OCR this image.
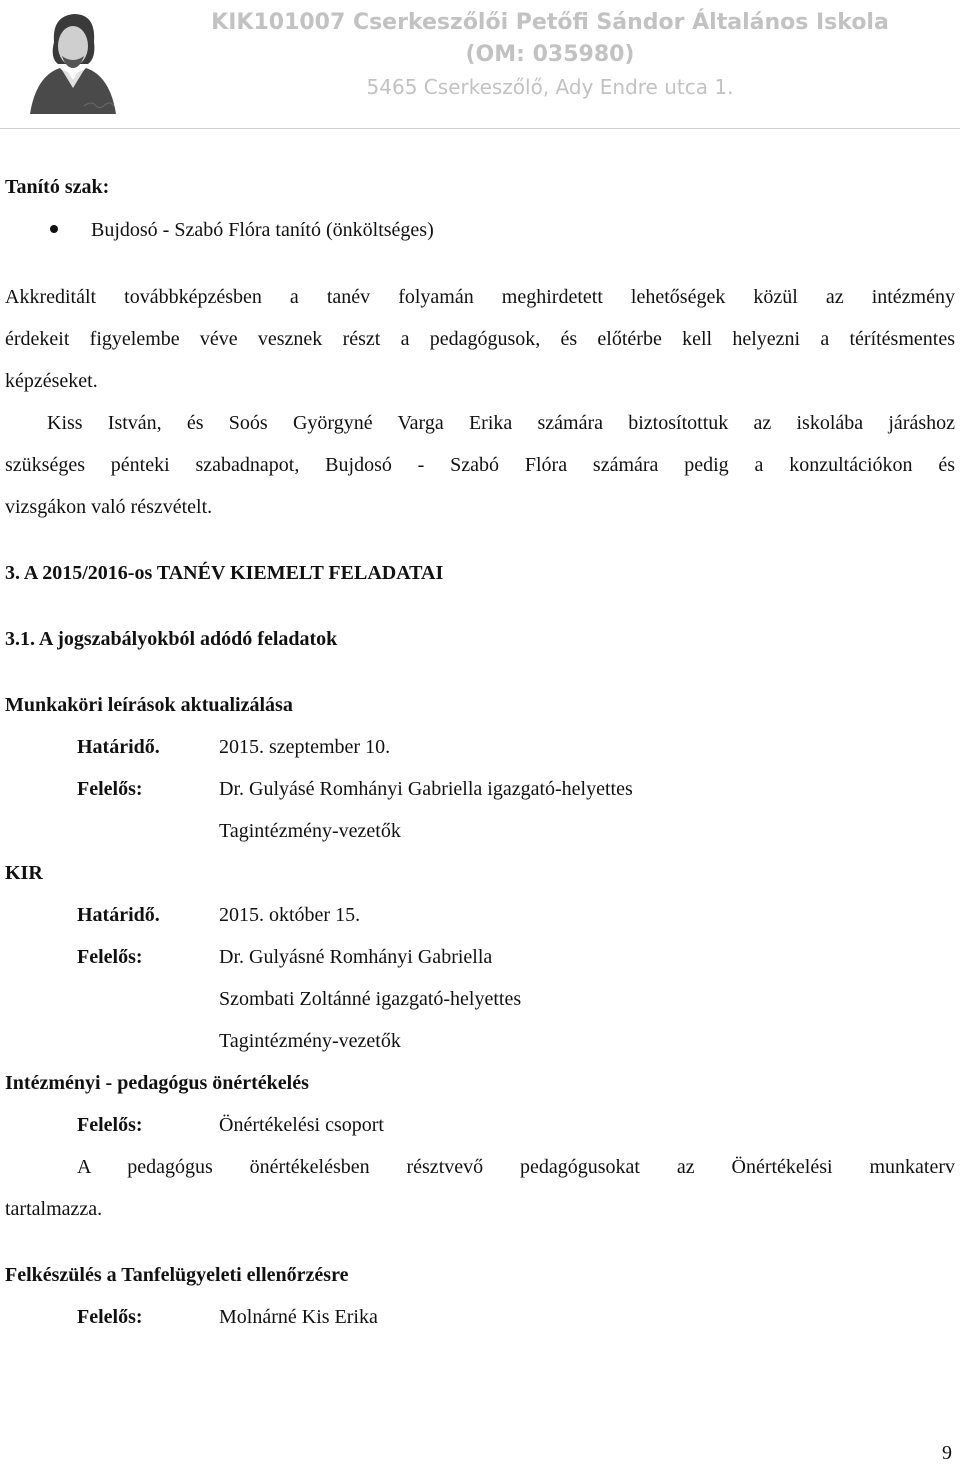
KIK101007 Cserkeszőlői Petőfi Sándor Általános Iskola
(OM: 035980)
5465 Cserkeszőlő, Ady Endre utca 1.
Tanító szak:
Bujdosó - Szabó Flóra tanító (önköltséges)
Akkreditált továbbképzésben a tanév folyamán meghirdetett lehetőségek közül az intézmény
érdekeit figyelembe véve vesznek részt a pedagógusok, és előtérbe kell helyezni a térítésmentes
képzéseket.
Kiss István, és Soós Györgyné Varga Erika számára biztosítottuk az iskolába járáshoz
szükséges pénteki szabadnapot, Bujdosó - Szabó Flóra számára pedig a konzultációkon és
vizsgákon való részvételt.
3. A 2015/2016-os TANÉV KIEMELT FELADATAI
3.1. A jogszabályokból adódó feladatok
Munkaköri leírások aktualizálása
Határidő.	2015. szeptember 10.
Felelős:	Dr. Gulyásé Romhányi Gabriella igazgató-helyettes
Tagintézmény-vezetők
KIR
Határidő.	2015. október 15.
Felelős:	Dr. Gulyásné Romhányi Gabriella
Szombati Zoltánné igazgató-helyettes
Tagintézmény-vezetők
Intézményi - pedagógus önértékelés
Felelős:	Önértékelési csoport
A pedagógus önértékelésben résztvevő pedagógusokat az Önértékelési munkaterv
tartalmazza.
Felkészülés a Tanfelügyeleti ellenőrzésre
Felelős:	Molnárné Kis Erika
9
